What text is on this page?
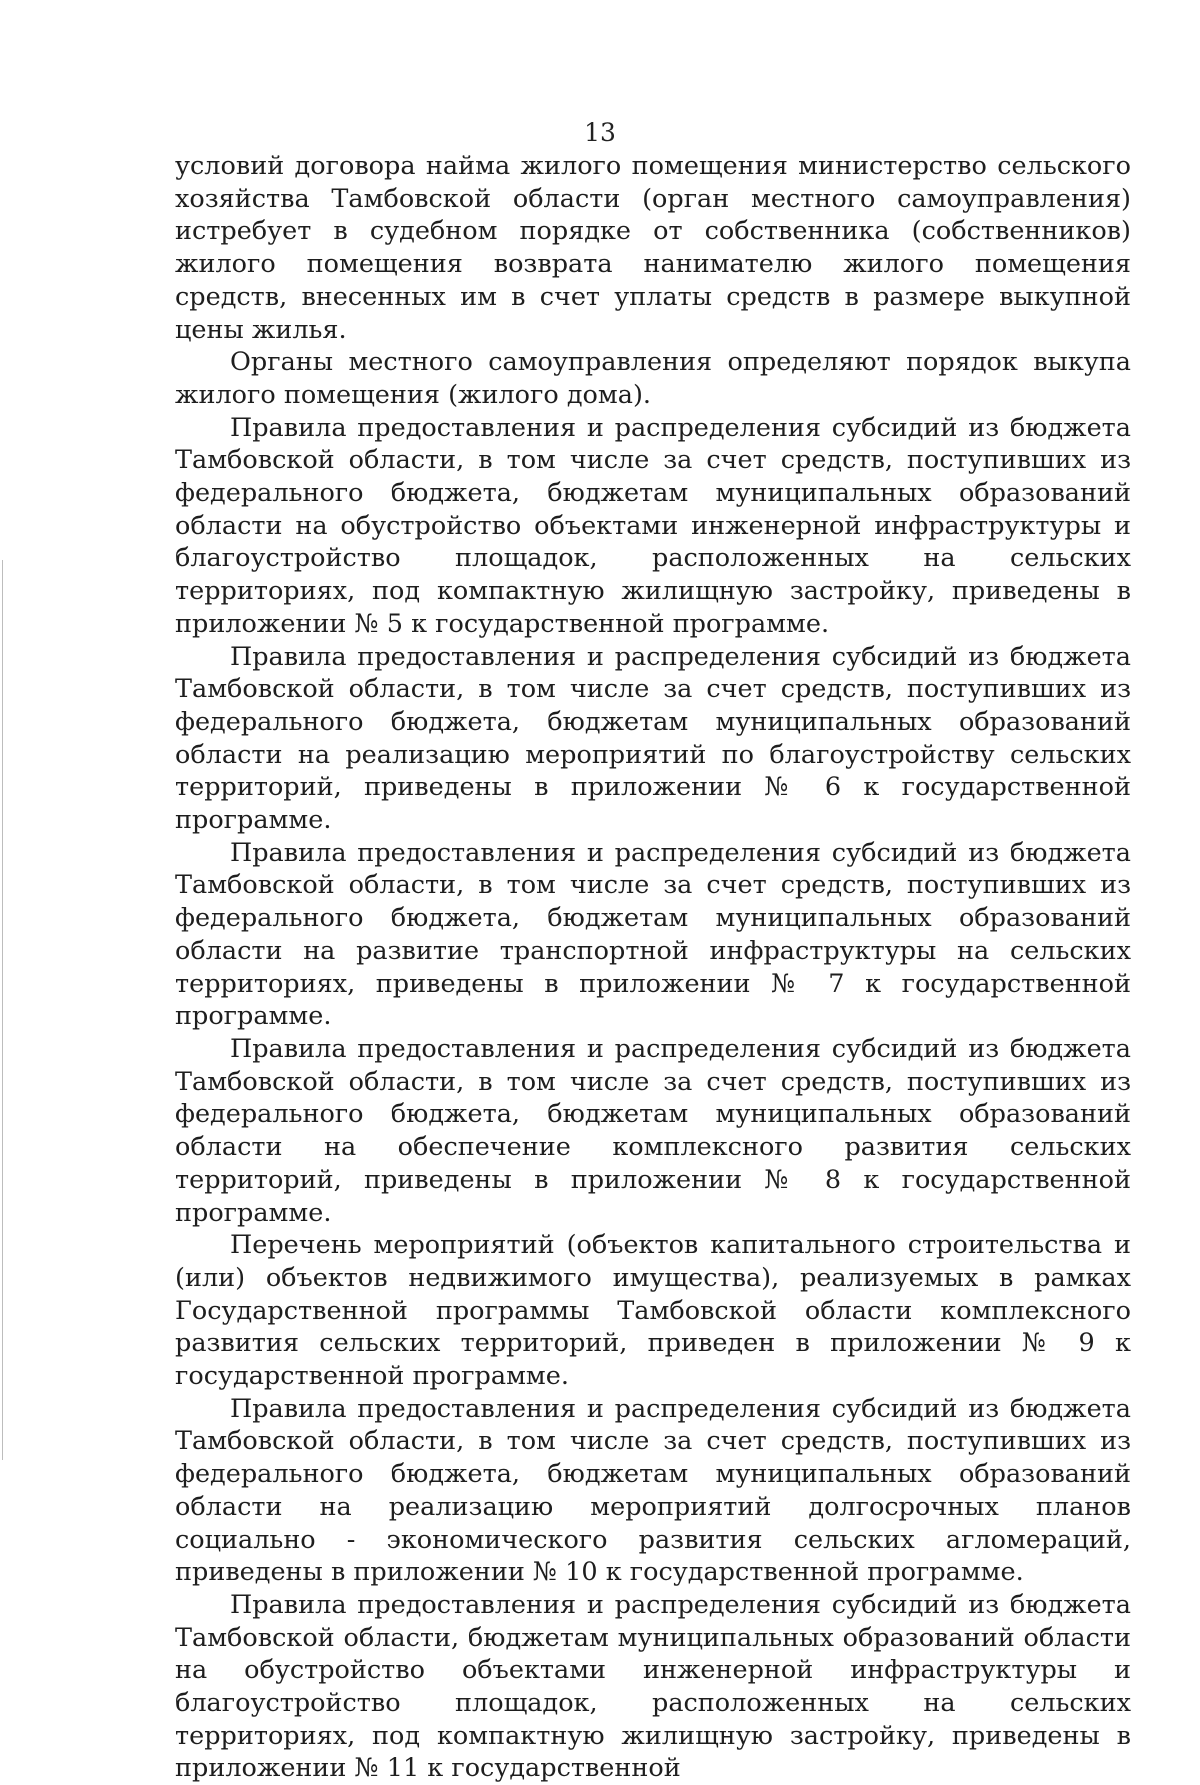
13

условий договора найма жилого помещения министерство сельского хозяйства Тамбовской области (орган местного самоуправления) истребует в судебном порядке от собственника (собственников) жилого помещения возврата нанимателю жилого помещения средств, внесенных им в счет уплаты средств в размере выкупной цены жилья.

Органы местного самоуправления определяют порядок выкупа жилого помещения (жилого дома).

Правила предоставления и распределения субсидий из бюджета Тамбовской области, в том числе за счет средств, поступивших из федерального бюджета, бюджетам муниципальных образований области на обустройство объектами инженерной инфраструктуры и благоустройство площадок, расположенных на сельских территориях, под компактную жилищную застройку, приведены в приложении № 5 к государственной программе.

Правила предоставления и распределения субсидий из бюджета Тамбовской области, в том числе за счет средств, поступивших из федерального бюджета, бюджетам муниципальных образований области на реализацию мероприятий по благоустройству сельских территорий, приведены в приложении № 6 к государственной программе.

Правила предоставления и распределения субсидий из бюджета Тамбовской области, в том числе за счет средств, поступивших из федерального бюджета, бюджетам муниципальных образований области на развитие транспортной инфраструктуры на сельских территориях, приведены в приложении № 7 к государственной программе.

Правила предоставления и распределения субсидий из бюджета Тамбовской области, в том числе за счет средств, поступивших из федерального бюджета, бюджетам муниципальных образований области на обеспечение комплексного развития сельских территорий, приведены в приложении № 8 к государственной программе.

Перечень мероприятий (объектов капитального строительства и (или) объектов недвижимого имущества), реализуемых в рамках Государственной программы Тамбовской области комплексного развития сельских территорий, приведен в приложении № 9 к государственной программе.

Правила предоставления и распределения субсидий из бюджета Тамбовской области, в том числе за счет средств, поступивших из федерального бюджета, бюджетам муниципальных образований области на реализацию мероприятий долгосрочных планов социально - экономического развития сельских агломераций, приведены в приложении № 10 к государственной программе.

Правила предоставления и распределения субсидий из бюджета Тамбовской области, бюджетам муниципальных образований области на обустройство объектами инженерной инфраструктуры и благоустройство площадок, расположенных на сельских территориях, под компактную жилищную застройку, приведены в приложении № 11 к государственной
